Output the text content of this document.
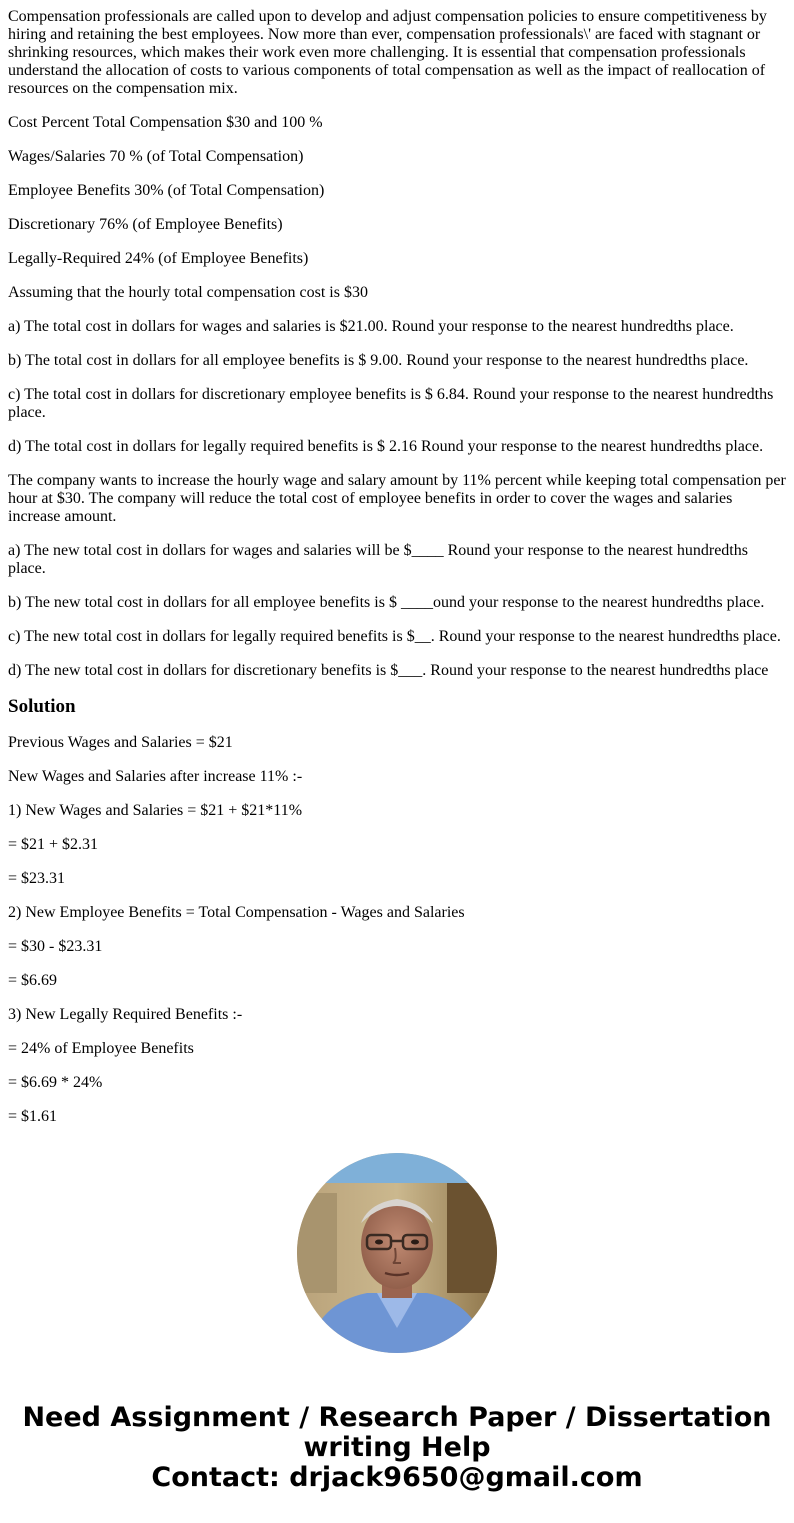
Compensation professionals are called upon to develop and adjust compensation policies to ensure competitiveness by hiring and retaining the best employees. Now more than ever, compensation professionals\' are faced with stagnant or shrinking resources, which makes their work even more challenging. It is essential that compensation professionals understand the allocation of costs to various components of total compensation as well as the impact of reallocation of resources on the compensation mix.

Cost Percent Total Compensation $30 and 100 %

Wages/Salaries 70 % (of Total Compensation)

Employee Benefits 30% (of Total Compensation)

Discretionary 76% (of Employee Benefits)

Legally-Required 24% (of Employee Benefits)

Assuming that the hourly total compensation cost is $30

a) The total cost in dollars for wages and salaries is $21.00. Round your response to the nearest hundredths place.

b) The total cost in dollars for all employee benefits is $ 9.00. Round your response to the nearest hundredths place.

c) The total cost in dollars for discretionary employee benefits is $ 6.84. Round your response to the nearest hundredths place.

d) The total cost in dollars for legally required benefits is $ 2.16 Round your response to the nearest hundredths place.

The company wants to increase the hourly wage and salary amount by 11% percent while keeping total compensation per hour at $30. The company will reduce the total cost of employee benefits in order to cover the wages and salaries increase amount.

a) The new total cost in dollars for wages and salaries will be $____ Round your response to the nearest hundredths place.

b) The new total cost in dollars for all employee benefits is $ ____ound your response to the nearest hundredths place.

c) The new total cost in dollars for legally required benefits is $__. Round your response to the nearest hundredths place.

d) The new total cost in dollars for discretionary benefits is $___. Round your response to the nearest hundredths place

Solution

Previous Wages and Salaries = $21

New Wages and Salaries after increase 11% :-

1) New Wages and Salaries = $21 + $21*11%

= $21 + $2.31

= $23.31

2) New Employee Benefits = Total Compensation - Wages and Salaries

= $30 - $23.31

= $6.69

3) New Legally Required Benefits :-

= 24% of Employee Benefits

= $6.69 * 24%

= $1.61

Need Assignment / Research Paper / Dissertation
writing Help
Contact: drjack9650@gmail.com
